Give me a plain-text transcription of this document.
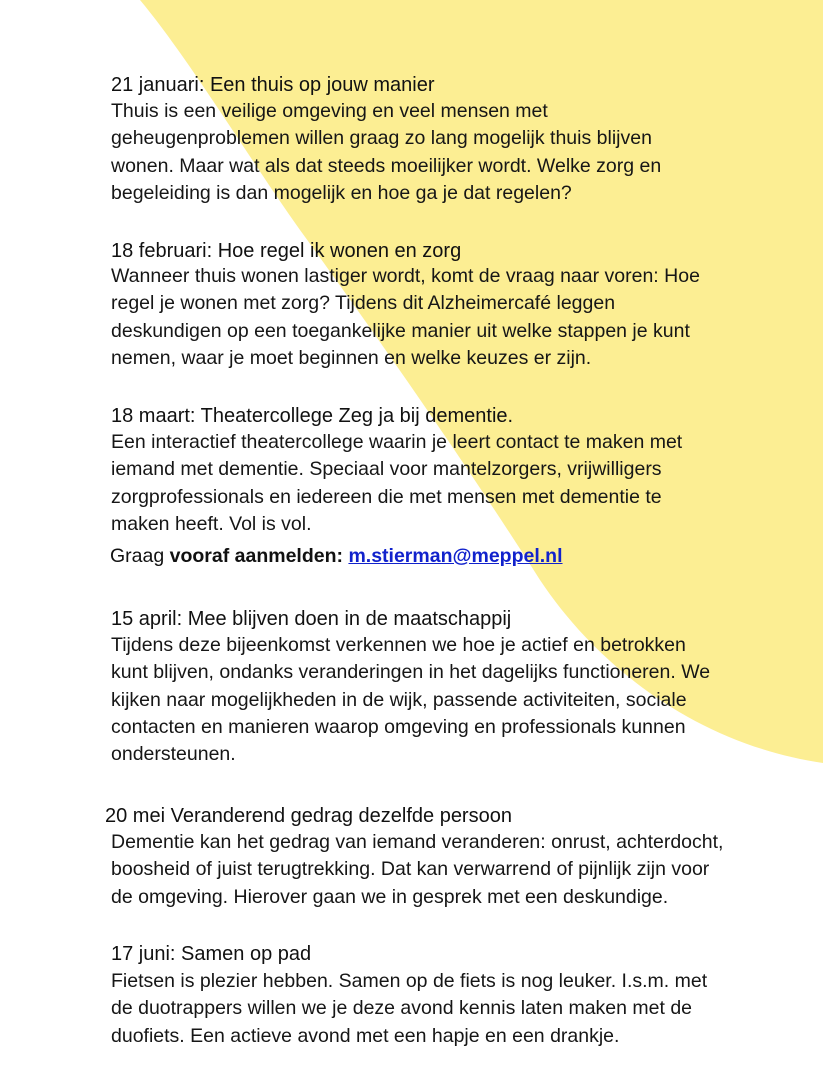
21 januari: Een thuis op jouw manier
Thuis is een veilige omgeving en veel mensen met
geheugenproblemen willen graag zo lang mogelijk thuis blijven
wonen. Maar wat als dat steeds moeilijker wordt. Welke zorg en
begeleiding is dan mogelijk en hoe ga je dat regelen?
18 februari: Hoe regel ik wonen en zorg
Wanneer thuis wonen lastiger wordt, komt de vraag naar voren: Hoe
regel je wonen met zorg? Tijdens dit Alzheimercafé leggen
deskundigen op een toegankelijke manier uit welke stappen je kunt
nemen, waar je moet beginnen en welke keuzes er zijn.
18 maart: Theatercollege Zeg ja bij dementie.
Een interactief theatercollege waarin je leert contact te maken met
iemand met dementie. Speciaal voor mantelzorgers, vrijwilligers
zorgprofessionals en iedereen die met mensen met dementie te
maken heeft. Vol is vol.
Graag vooraf aanmelden: m.stierman@meppel.nl
15 april: Mee blijven doen in de maatschappij
Tijdens deze bijeenkomst verkennen we hoe je actief en betrokken
kunt blijven, ondanks veranderingen in het dagelijks functioneren. We
kijken naar mogelijkheden in de wijk, passende activiteiten, sociale
contacten en manieren waarop omgeving en professionals kunnen
ondersteunen.
20 mei Veranderend gedrag dezelfde persoon
Dementie kan het gedrag van iemand veranderen: onrust, achterdocht,
boosheid of juist terugtrekking. Dat kan verwarrend of pijnlijk zijn voor
de omgeving. Hierover gaan we in gesprek met een deskundige.
17 juni: Samen op pad
Fietsen is plezier hebben. Samen op de fiets is nog leuker. I.s.m. met
de duotrappers willen we je deze avond kennis laten maken met de
duofiets. Een actieve avond met een hapje en een drankje.
